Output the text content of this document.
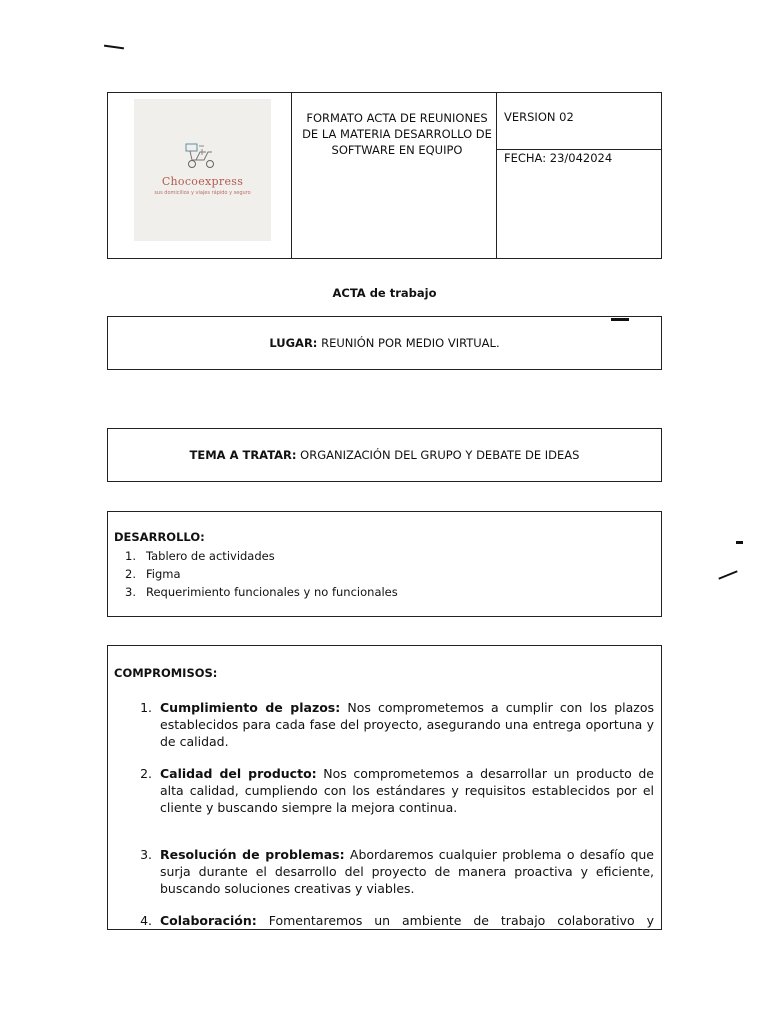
Chocoexpress
sus domicilios y viajes rápido y seguro
FORMATO ACTA DE REUNIONES
DE LA MATERIA DESARROLLO DE
SOFTWARE EN EQUIPO
VERSION 02
FECHA: 23/042024
ACTA de trabajo
LUGAR: REUNIÓN POR MEDIO VIRTUAL.
TEMA A TRATAR: ORGANIZACIÓN DEL GRUPO Y DEBATE DE IDEAS
DESARROLLO:
1. Tablero de actividades
2. Figma
3. Requerimiento funcionales y no funcionales
COMPROMISOS:
1. Cumplimiento de plazos: Nos comprometemos a cumplir con los plazos establecidos para cada fase del proyecto, asegurando una entrega oportuna y de calidad.
2. Calidad del producto: Nos comprometemos a desarrollar un producto de alta calidad, cumpliendo con los estándares y requisitos establecidos por el cliente y buscando siempre la mejora continua.
3. Resolución de problemas: Abordaremos cualquier problema o desafío que surja durante el desarrollo del proyecto de manera proactiva y eficiente, buscando soluciones creativas y viables.
4. Colaboración: Fomentaremos un ambiente de trabajo colaborativo y
